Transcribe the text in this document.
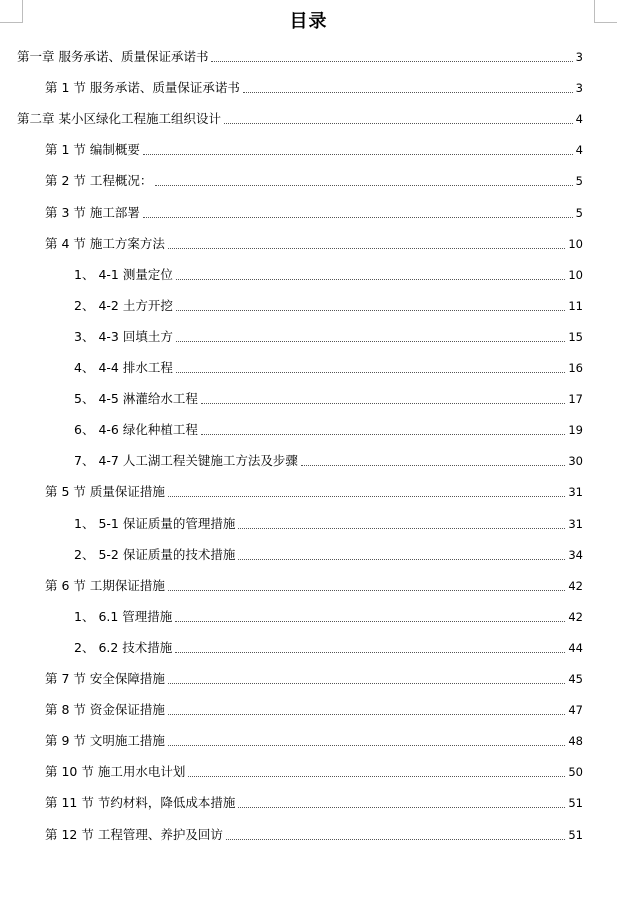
目录
第一章 服务承诺、质量保证承诺书	3
第 1 节 服务承诺、质量保证承诺书	3
第二章 某小区绿化工程施工组织设计	4
第 1 节 编制概要	4
第 2 节 工程概况：	5
第 3 节 施工部署	5
第 4 节 施工方案方法	10
1、 4-1 测量定位	10
2、 4-2 土方开挖	11
3、 4-3 回填土方	15
4、 4-4 排水工程	16
5、 4-5 淋灌给水工程	17
6、 4-6 绿化种植工程	19
7、 4-7 人工湖工程关键施工方法及步骤	30
第 5 节 质量保证措施	31
1、 5-1 保证质量的管理措施	31
2、 5-2 保证质量的技术措施	34
第 6 节 工期保证措施	42
1、 6.1 管理措施	42
2、 6.2 技术措施	44
第 7 节 安全保障措施	45
第 8 节 资金保证措施	47
第 9 节 文明施工措施	48
第 10 节 施工用水电计划	50
第 11 节 节约材料，降低成本措施	51
第 12 节 工程管理、养护及回访	51
